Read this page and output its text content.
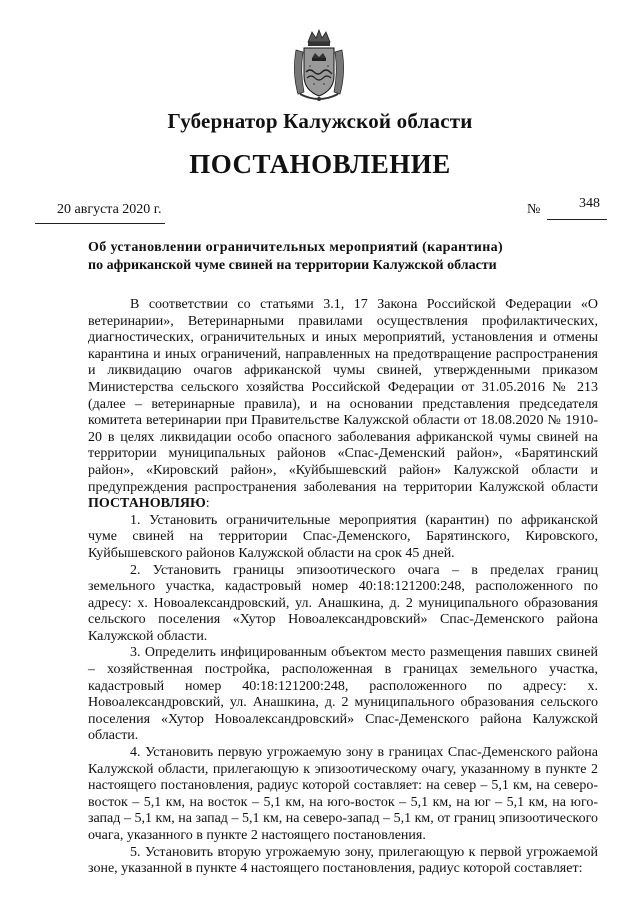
Губернатор Калужской области
ПОСТАНОВЛЕНИЕ
20 августа 2020 г.	№	348
Об установлении ограничительных мероприятий (карантина)
по африканской чуме свиней на территории Калужской области

В соответствии со статьями 3.1, 17 Закона Российской Федерации «О ветеринарии», Ветеринарными правилами осуществления профилактических, диагностических, ограничительных и иных мероприятий, установления и отмены карантина и иных ограничений, направленных на предотвращение распространения и ликвидацию очагов африканской чумы свиней, утвержденными приказом Министерства сельского хозяйства Российской Федерации от 31.05.2016 № 213 (далее – ветеринарные правила), и на основании представления председателя комитета ветеринарии при Правительстве Калужской области от 18.08.2020 № 1910-20 в целях ликвидации особо опасного заболевания африканской чумы свиней на территории муниципальных районов «Спас-Деменский район», «Барятинский район», «Кировский район», «Куйбышевский район» Калужской области и предупреждения распространения заболевания на территории Калужской области ПОСТАНОВЛЯЮ:

1. Установить ограничительные мероприятия (карантин) по африканской чуме свиней на территории Спас-Деменского, Барятинского, Кировского, Куйбышевского районов Калужской области на срок 45 дней.

2. Установить границы эпизоотического очага – в пределах границ земельного участка, кадастровый номер 40:18:121200:248, расположенного по адресу: х. Новоалександровский, ул. Анашкина, д. 2 муниципального образования сельского поселения «Хутор Новоалександровский» Спас-Деменского района Калужской области.

3. Определить инфицированным объектом место размещения павших свиней – хозяйственная постройка, расположенная в границах земельного участка, кадастровый номер 40:18:121200:248, расположенного по адресу: х. Новоалександровский, ул. Анашкина, д. 2 муниципального образования сельского поселения «Хутор Новоалександровский» Спас-Деменского района Калужской области.

4. Установить первую угрожаемую зону в границах Спас-Деменского района Калужской области, прилегающую к эпизоотическому очагу, указанному в пункте 2 настоящего постановления, радиус которой составляет: на север – 5,1 км, на северо-восток – 5,1 км, на восток – 5,1 км, на юго-восток – 5,1 км, на юг – 5,1 км, на юго-запад – 5,1 км, на запад – 5,1 км, на северо-запад – 5,1 км, от границ эпизоотического очага, указанного в пункте 2 настоящего постановления.

5. Установить вторую угрожаемую зону, прилегающую к первой угрожаемой зоне, указанной в пункте 4 настоящего постановления, радиус которой составляет:
